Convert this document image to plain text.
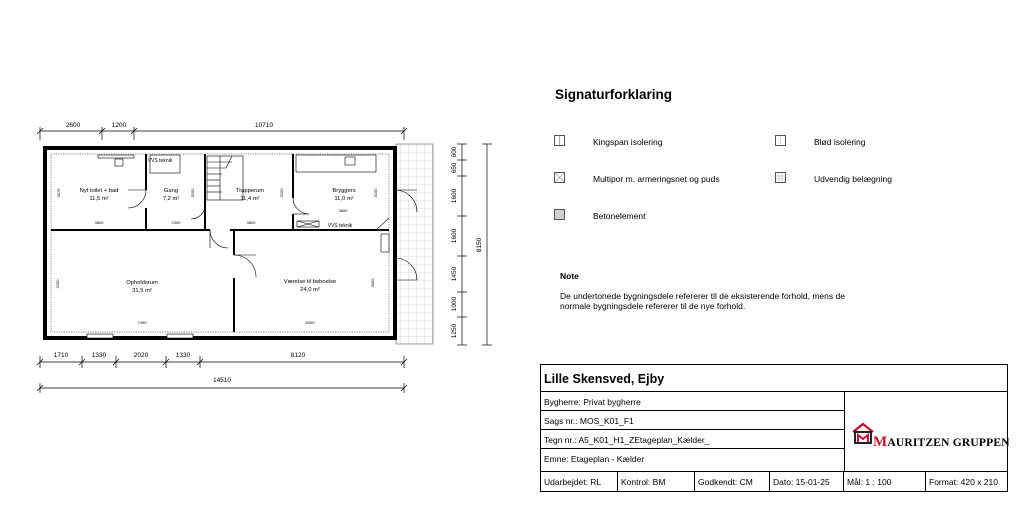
2600	1200	10710
1710	1330	2020	1330	8120
14510
600
650
1600
1600
1450
1000
1250
8150
Nyt toilet + bad
11,5 m²
3800
3075	Gang
7,2 m²
2300
3150	Trapperum
11,4 m²
3600
3150	Bryggers
11,0 m²
3600
3150
Opholdsrum
31,5 m²
7490
4200	Værelse til beboelse
24,0 m²
6000
4000
VVS teknik
VVS teknik
Signaturforklaring
Kingspan isolering	Blød isolering
Multipor m. armeringsnet og puds	Udvendig belægning
Betonelement
Note
De undertonede bygningsdele refererer til de eksisterende forhold, mens de normale bygningsdele refererer til de nye forhold.
Lille Skensved, Ejby
Bygherre: Privat bygherre
Sags nr.: MOS_K01_F1
Tegn nr.: A5_K01_H1_ZEtageplan_Kælder_
Emne: Etageplan - Kælder
MAURITZEN GRUPPEN
Udarbejdet: RL	Kontrol: BM	Godkendt: CM	Dato: 15-01-25	Mål: 1 : 100	Format: 420 x 210
